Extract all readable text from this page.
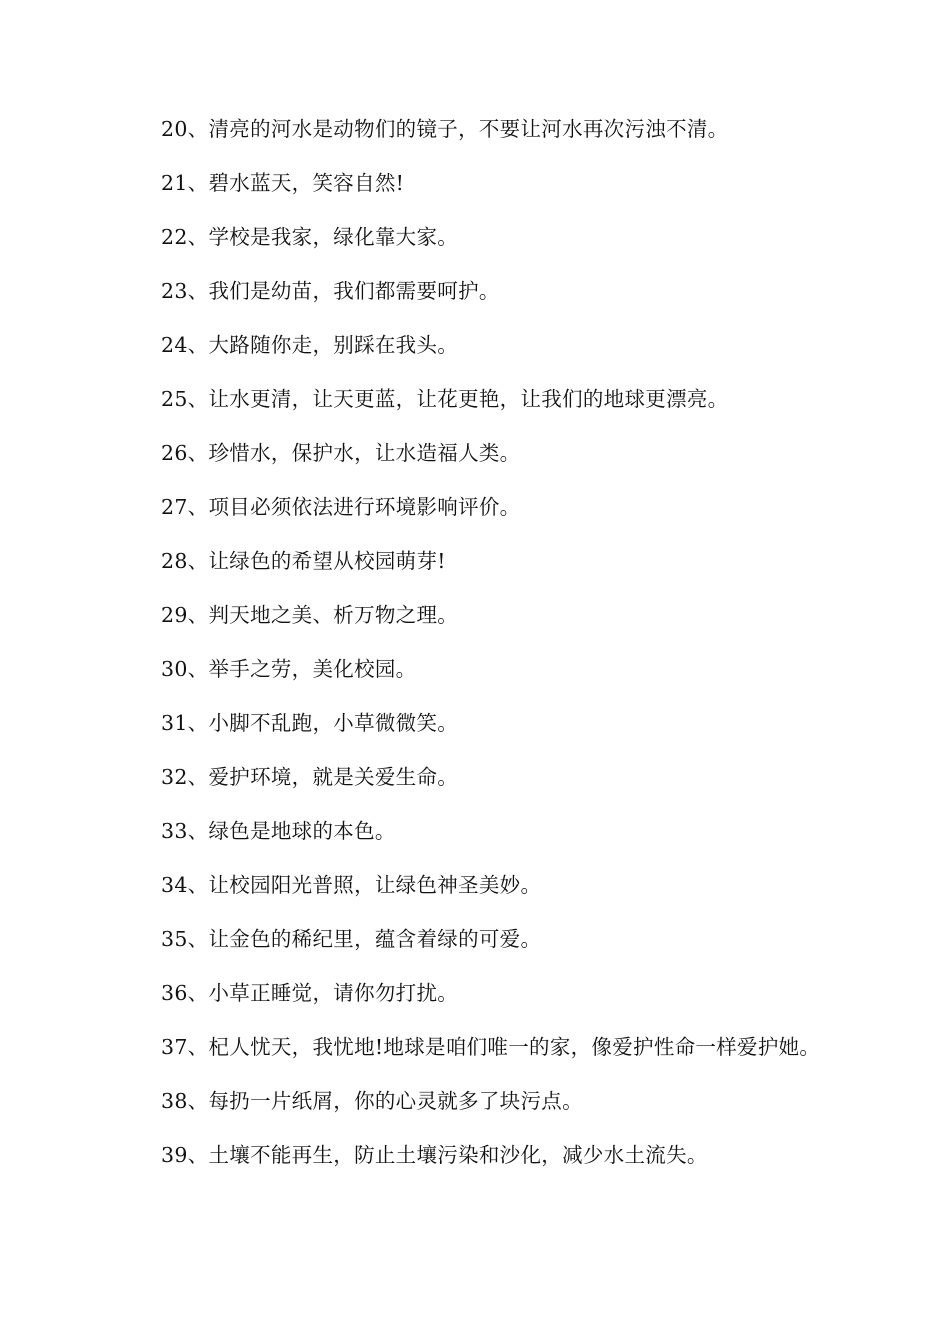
20、清亮的河水是动物们的镜子，不要让河水再次污浊不清。

21、碧水蓝天，笑容自然!

22、学校是我家，绿化靠大家。

23、我们是幼苗，我们都需要呵护。

24、大路随你走，别踩在我头。

25、让水更清，让天更蓝，让花更艳，让我们的地球更漂亮。

26、珍惜水，保护水，让水造福人类。

27、项目必须依法进行环境影响评价。

28、让绿色的希望从校园萌芽!

29、判天地之美、析万物之理。

30、举手之劳，美化校园。

31、小脚不乱跑，小草微微笑。

32、爱护环境，就是关爱生命。

33、绿色是地球的本色。

34、让校园阳光普照，让绿色神圣美妙。

35、让金色的稀纪里，蕴含着绿的可爱。

36、小草正睡觉，请你勿打扰。

37、杞人忧天，我忧地!地球是咱们唯一的家，像爱护性命一样爱护她。

38、每扔一片纸屑，你的心灵就多了块污点。

39、土壤不能再生，防止土壤污染和沙化，减少水土流失。
